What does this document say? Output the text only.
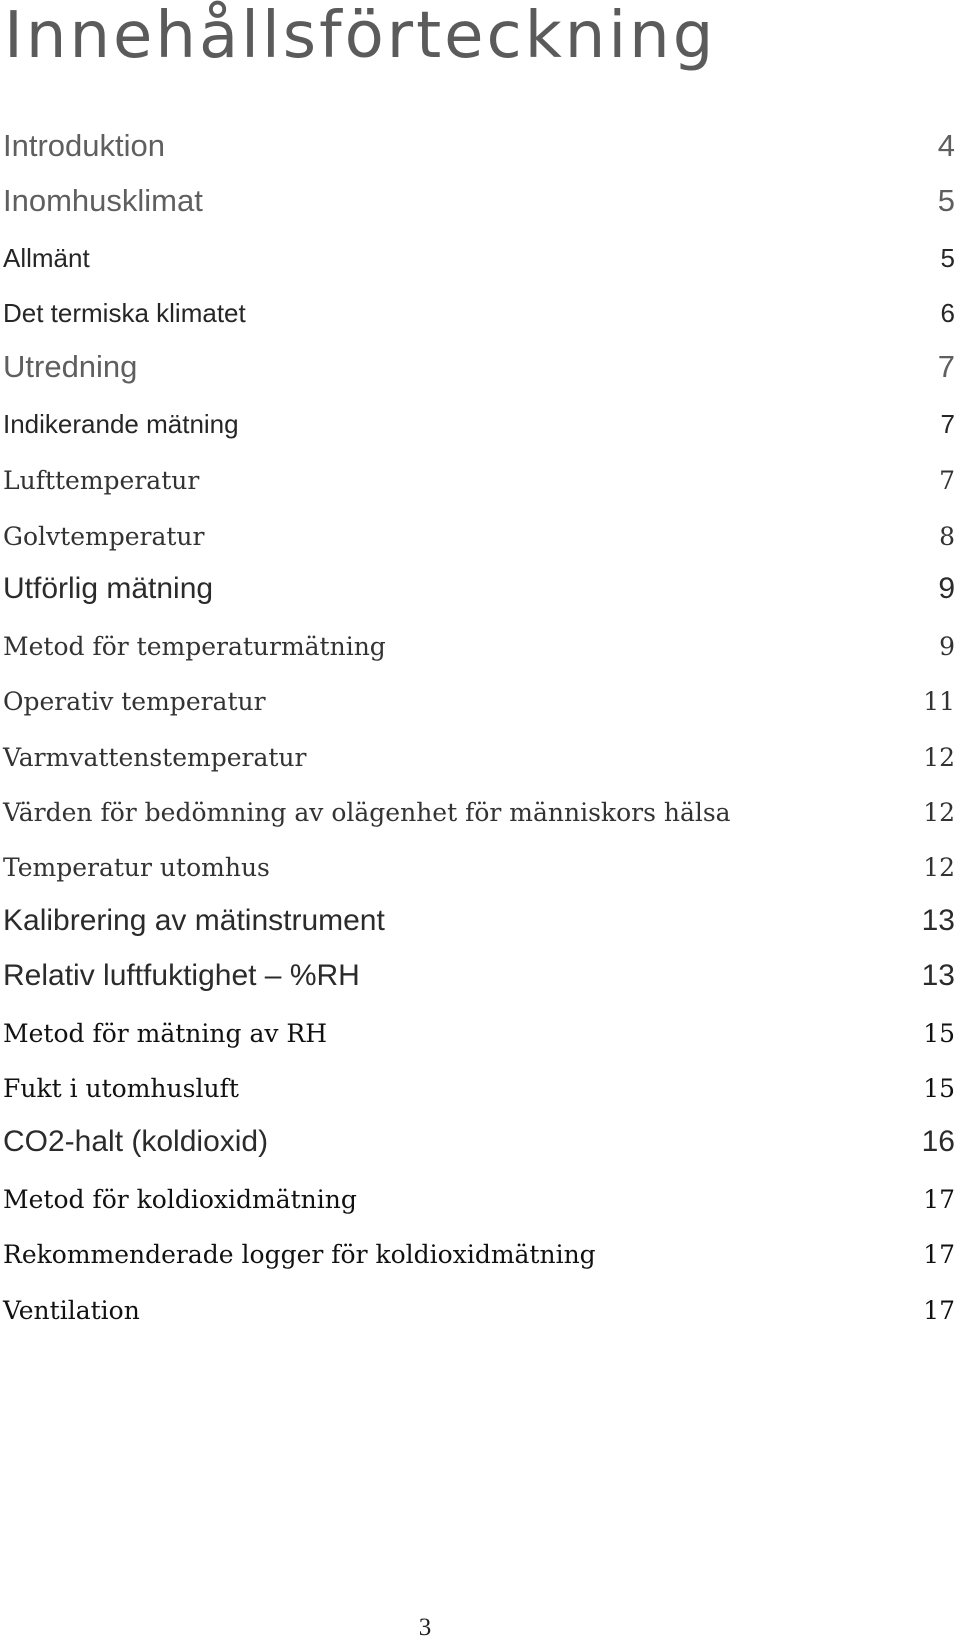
Innehållsförteckning
Introduktion	4
Inomhusklimat	5
Allmänt	5
Det termiska klimatet	6
Utredning	7
Indikerande mätning	7
Lufttemperatur	7
Golvtemperatur	8
Utförlig mätning	9
Metod för temperaturmätning	9
Operativ temperatur	11
Varmvattenstemperatur	12
Värden för bedömning av olägenhet för människors hälsa	12
Temperatur utomhus	12
Kalibrering av mätinstrument	13
Relativ luftfuktighet – %RH	13
Metod för mätning av RH	15
Fukt i utomhusluft	15
CO2-halt (koldioxid)	16
Metod för koldioxidmätning	17
Rekommenderade logger för koldioxidmätning	17
Ventilation	17
3
